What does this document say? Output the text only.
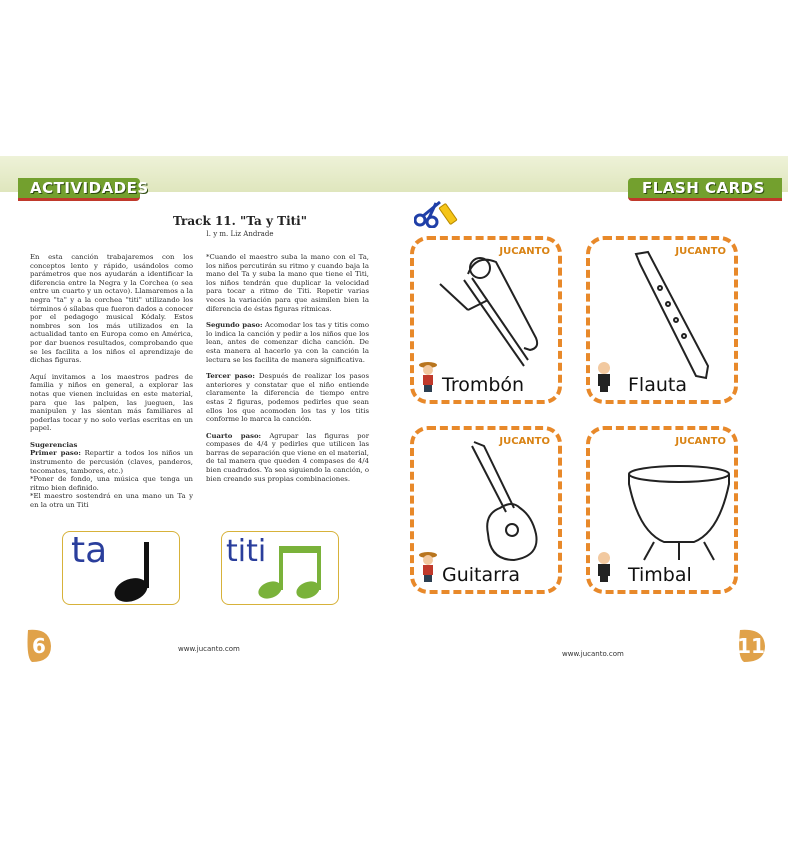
ACTIVIDADES	FLASH CARDS
Track 11. "Ta y Titi"
l. y m. Liz Andrade

En esta canción trabajaremos con los conceptos lento y rápido, usándolos como parámetros que nos ayudarán a identificar la diferencia entre la Negra y la Corchea (o sea entre un cuarto y un octavo). Llamaremos a la negra "ta" y a la corchea "titi" utilizando los términos ó sílabas que fueron dados a conocer por el pedagogo musical Kódaly. Estos nombres son los más utilizados en la actualidad tanto en Europa como en América, por dar buenos resultados, comprobando que se les facilita a los niños el aprendizaje de dichas figuras.

Aquí invitamos a los maestros padres de familia y niños en general, a explorar las notas que vienen incluidas en este material, para que las palpen, las jueguen, las manipulen y las sientan más familiares al poderlas tocar y no solo verlas escritas en un papel.

Sugerencias

Primer paso: Repartir a todos los niños un instrumento de percusión (claves, panderos, tecomates, tambores, etc.)

*Poner de fondo, una música que tenga un ritmo bien definido.

*El maestro sostendrá en una mano un Ta y en la otra un Titi

*Cuando el maestro suba la mano con el Ta, los niños percutirán su ritmo y cuando baja la mano del Ta y suba la mano que tiene el Titi, los niños tendrán que duplicar la velocidad para tocar a ritmo de Titi. Repetir varias veces la variación para que asimilen bien la diferencia de éstas figuras rítmicas.

Segundo paso: Acomodar los tas y titis como lo indica la canción y pedir a los niños que los lean, antes de comenzar dicha canción. De esta manera al hacerlo ya con la canción la lectura se les facilita de manera significativa.

Tercer paso: Después de realizar los pasos anteriores y constatar que el niño entiende claramente la diferencia de tiempo entre estas 2 figuras, podemos pedirles que sean ellos los que acomoden los tas y los titis conforme lo marca la canción.

Cuarto paso: Agrupar las figuras por compases de 4/4 y pedirles que utilicen las barras de separación que viene en el material, de tal manera que queden 4 compases de 4/4 bien cuadrados. Ya sea siguiendo la canción, o bien creando sus propias combinaciones.

ta	titi
6	www.jucanto.com
JUCANTO
Trombón
JUCANTO
Flauta
JUCANTO
Guitarra
JUCANTO
Timbal
11
www.jucanto.com
